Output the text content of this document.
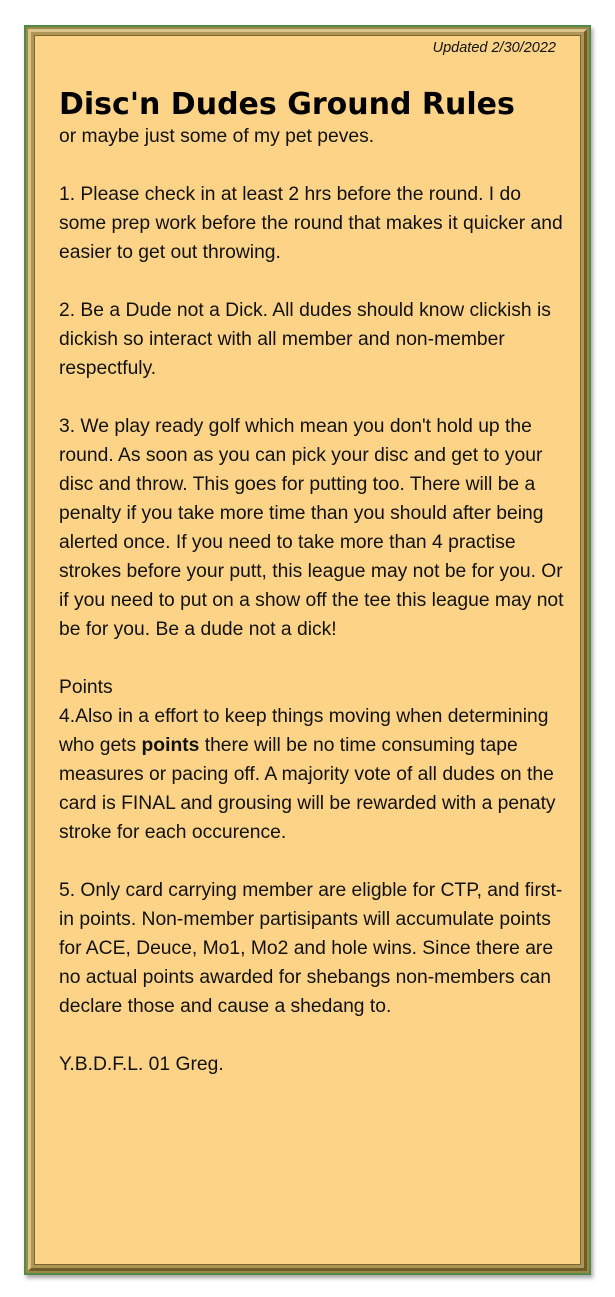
Updated 2/30/2022
Disc'n Dudes Ground Rules

or maybe just some of my pet peves.

1. Please check in at least 2 hrs before the round. I do some prep work before the round that makes it quicker and easier to get out throwing.

2. Be a Dude not a Dick. All dudes should know clickish is dickish so interact with all member and non-member respectfuly.

3. We play ready golf which mean you don't hold up the round. As soon as you can pick your disc and get to your disc and throw. This goes for putting too. There will be a penalty if you take more time than you should after being alerted once. If you need to take more than 4 practise strokes before your putt, this league may not be for you. Or if you need to put on a show off the tee this league may not be for you. Be a dude not a dick!

Points

4.Also in a effort to keep things moving when determining who gets points there will be no time consuming tape measures or pacing off. A majority vote of all dudes on the card is FINAL and grousing will be rewarded with a penaty stroke for each occurence.

5. Only card carrying member are eligble for CTP, and first-in points. Non-member partisipants will accumulate points for ACE, Deuce, Mo1, Mo2 and hole wins. Since there are no actual points awarded for shebangs non-members can declare those and cause a shedang to.

Y.B.D.F.L. 01 Greg.
